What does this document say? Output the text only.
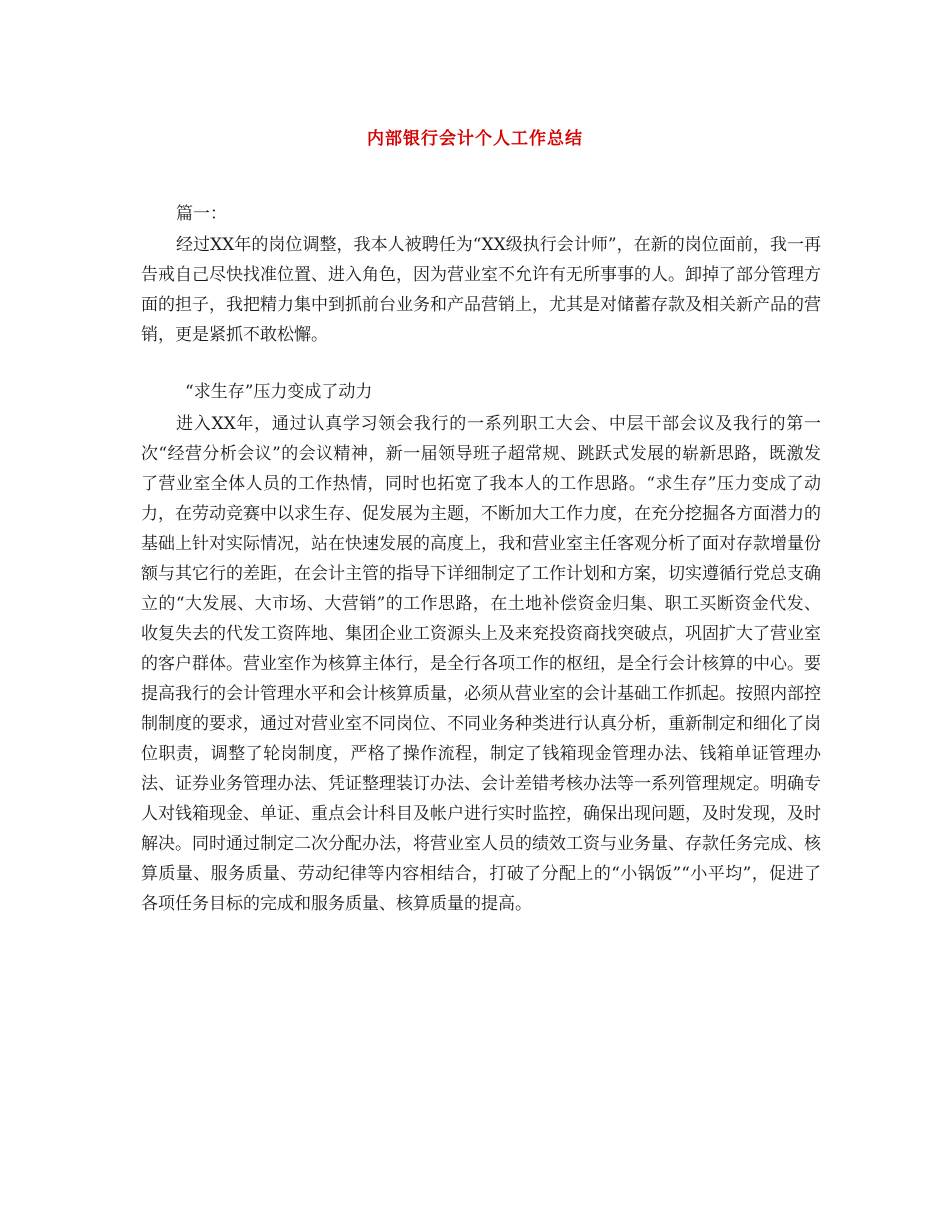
内部银行会计个人工作总结
篇一：

经过XX年的岗位调整，我本人被聘任为“XX级执行会计师”，在新的岗位面前，我一再告戒自己尽快找准位置、进入角色，因为营业室不允许有无所事事的人。卸掉了部分管理方面的担子，我把精力集中到抓前台业务和产品营销上，尤其是对储蓄存款及相关新产品的营销，更是紧抓不敢松懈。

“求生存”压力变成了动力

进入XX年，通过认真学习领会我行的一系列职工大会、中层干部会议及我行的第一次“经营分析会议”的会议精神，新一届领导班子超常规、跳跃式发展的崭新思路，既激发了营业室全体人员的工作热情，同时也拓宽了我本人的工作思路。“求生存”压力变成了动力，在劳动竞赛中以求生存、促发展为主题，不断加大工作力度，在充分挖掘各方面潜力的基础上针对实际情况，站在快速发展的高度上，我和营业室主任客观分析了面对存款增量份额与其它行的差距，在会计主管的指导下详细制定了工作计划和方案，切实遵循行党总支确立的“大发展、大市场、大营销”的工作思路，在土地补偿资金归集、职工买断资金代发、收复失去的代发工资阵地、集团企业工资源头上及来兖投资商找突破点，巩固扩大了营业室的客户群体。营业室作为核算主体行，是全行各项工作的枢纽，是全行会计核算的中心。要提高我行的会计管理水平和会计核算质量，必须从营业室的会计基础工作抓起。按照内部控制制度的要求，通过对营业室不同岗位、不同业务种类进行认真分析，重新制定和细化了岗位职责，调整了轮岗制度，严格了操作流程，制定了钱箱现金管理办法、钱箱单证管理办法、证券业务管理办法、凭证整理装订办法、会计差错考核办法等一系列管理规定。明确专人对钱箱现金、单证、重点会计科目及帐户进行实时监控，确保出现问题，及时发现，及时解决。同时通过制定二次分配办法，将营业室人员的绩效工资与业务量、存款任务完成、核算质量、服务质量、劳动纪律等内容相结合，打破了分配上的“小锅饭”“小平均”，促进了各项任务目标的完成和服务质量、核算质量的提高。
